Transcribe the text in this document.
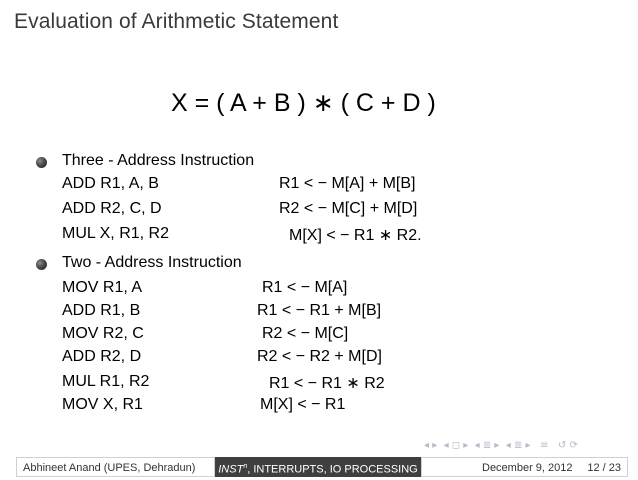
Evaluation of Arithmetic Statement
X = ( A + B ) ∗ ( C + D )
Three - Address Instruction
ADD R1, A, B	R1 < − M[A] + M[B]
ADD R2, C, D	R2 < − M[C] + M[D]
MUL X, R1, R2	M[X] < − R1 ∗ R2.
Two - Address Instruction
MOV R1, A	R1 < − M[A]
ADD R1, B	R1 < − R1 + M[B]
MOV R2, C	R2 < − M[C]
ADD R2, D	R2 < − R2 + M[D]
MUL R1, R2	R1 < − R1 ∗ R2
MOV X, R1	M[X] < − R1
◂ ▸  ◂ ◻ ▸  ◂ ≣ ▸  ◂ ≣ ▸   ≡   ↺ ⟳
Abhineet Anand (UPES, Dehradun)	INST$^n$, INTERRUPTS, IO PROCESSING	December 9, 2012 12 / 23
